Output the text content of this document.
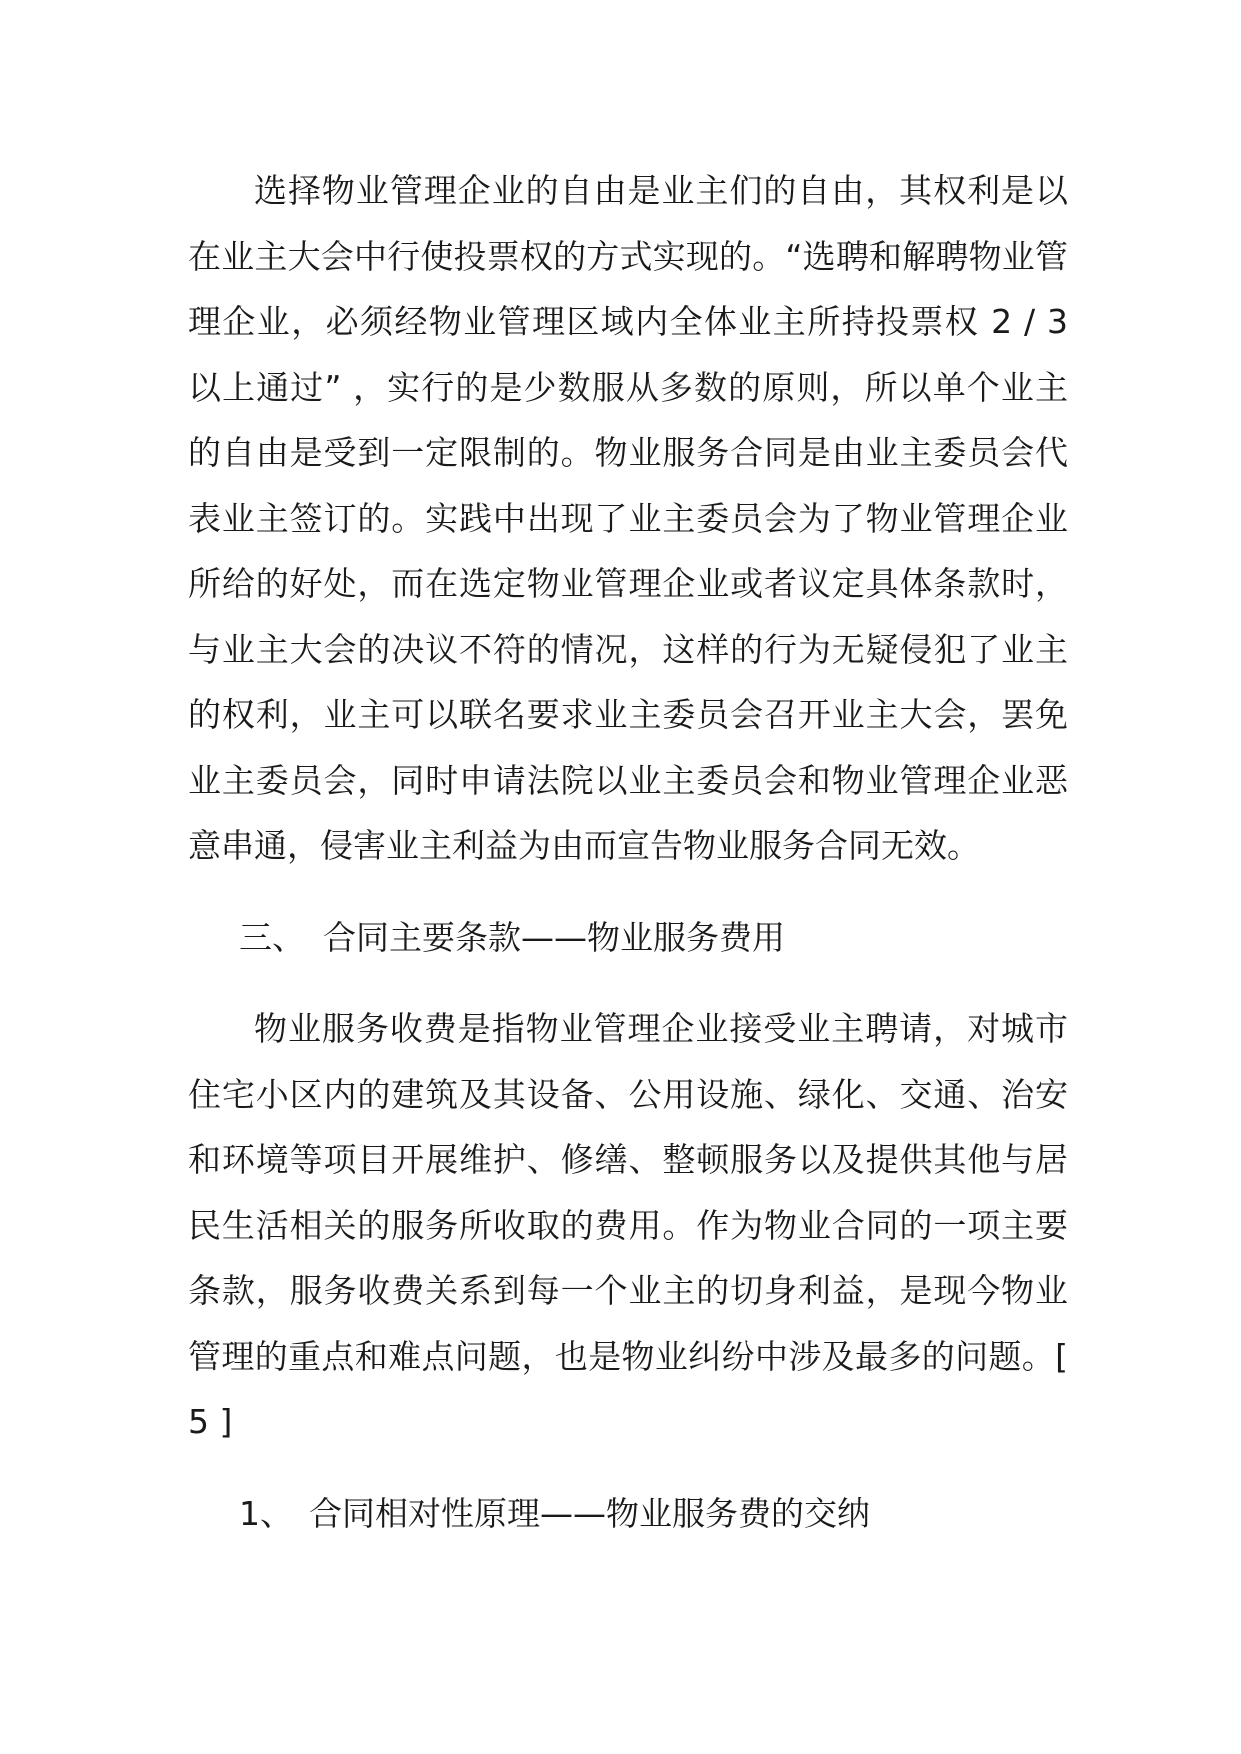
选择物业管理企业的自由是业主们的自由，其权利是以在业主大会中行使投票权的方式实现的。“选聘和解聘物业管理企业，必须经物业管理区域内全体业主所持投票权 2 / 3 以上通过” ，实行的是少数服从多数的原则，所以单个业主的自由是受到一定限制的。物业服务合同是由业主委员会代表业主签订的。实践中出现了业主委员会为了物业管理企业所给的好处，而在选定物业管理企业或者议定具体条款时，与业主大会的决议不符的情况，这样的行为无疑侵犯了业主的权利，业主可以联名要求业主委员会召开业主大会，罢免业主委员会，同时申请法院以业主委员会和物业管理企业恶意串通，侵害业主利益为由而宣告物业服务合同无效。

三、 合同主要条款——物业服务费用

物业服务收费是指物业管理企业接受业主聘请，对城市住宅小区内的建筑及其设备、公用设施、绿化、交通、治安和环境等项目开展维护、修缮、整顿服务以及提供其他与居民生活相关的服务所收取的费用。作为物业合同的一项主要条款，服务收费关系到每一个业主的切身利益，是现今物业管理的重点和难点问题，也是物业纠纷中涉及最多的问题。[ 5 ]

1、 合同相对性原理——物业服务费的交纳
